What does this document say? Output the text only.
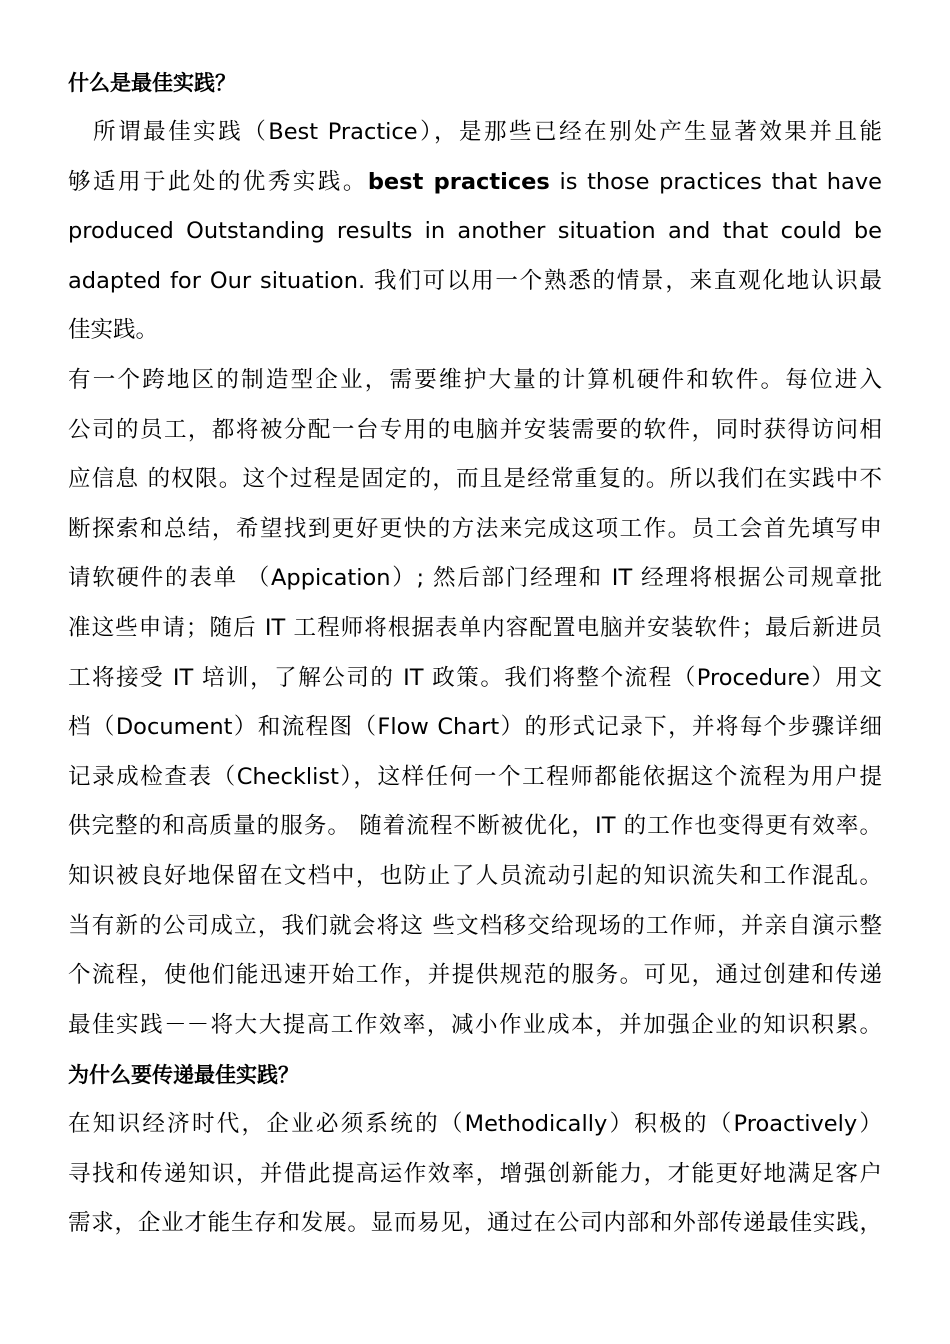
什么是最佳实践？
　所谓最佳实践（Best Practice），是那些已经在别处产生显著效果并且能
够适用于此处的优秀实践。best practices is those practices that have
produced Outstanding results in another situation and that could be
adapted for Our situation. 我们可以用一个熟悉的情景，来直观化地认识最
佳实践。
有一个跨地区的制造型企业，需要维护大量的计算机硬件和软件。每位进入
公司的员工，都将被分配一台专用的电脑并安装需要的软件，同时获得访问相
应信息 的权限。这个过程是固定的，而且是经常重复的。所以我们在实践中不
断探索和总结，希望找到更好更快的方法来完成这项工作。员工会首先填写申
请软硬件的表单 （Appication）; 然后部门经理和 IT 经理将根据公司规章批
准这些申请；随后 IT 工程师将根据表单内容配置电脑并安装软件；最后新进员
工将接受 IT 培训，了解公司的 IT 政策。我们将整个流程（Procedure）用文
档（Document）和流程图（Flow Chart）的形式记录下，并将每个步骤详细
记录成检查表（Checklist），这样任何一个工程师都能依据这个流程为用户提
供完整的和高质量的服务。 随着流程不断被优化，IT 的工作也变得更有效率。
知识被良好地保留在文档中，也防止了人员流动引起的知识流失和工作混乱。
当有新的公司成立，我们就会将这 些文档移交给现场的工作师，并亲自演示整
个流程，使他们能迅速开始工作，并提供规范的服务。可见，通过创建和传递
最佳实践－－将大大提高工作效率，减小作业成本，并加强企业的知识积累。
为什么要传递最佳实践？
在知识经济时代，企业必须系统的（Methodically）积极的（Proactively）
寻找和传递知识，并借此提高运作效率，增强创新能力，才能更好地满足客户
需求，企业才能生存和发展。显而易见，通过在公司内部和外部传递最佳实践，
